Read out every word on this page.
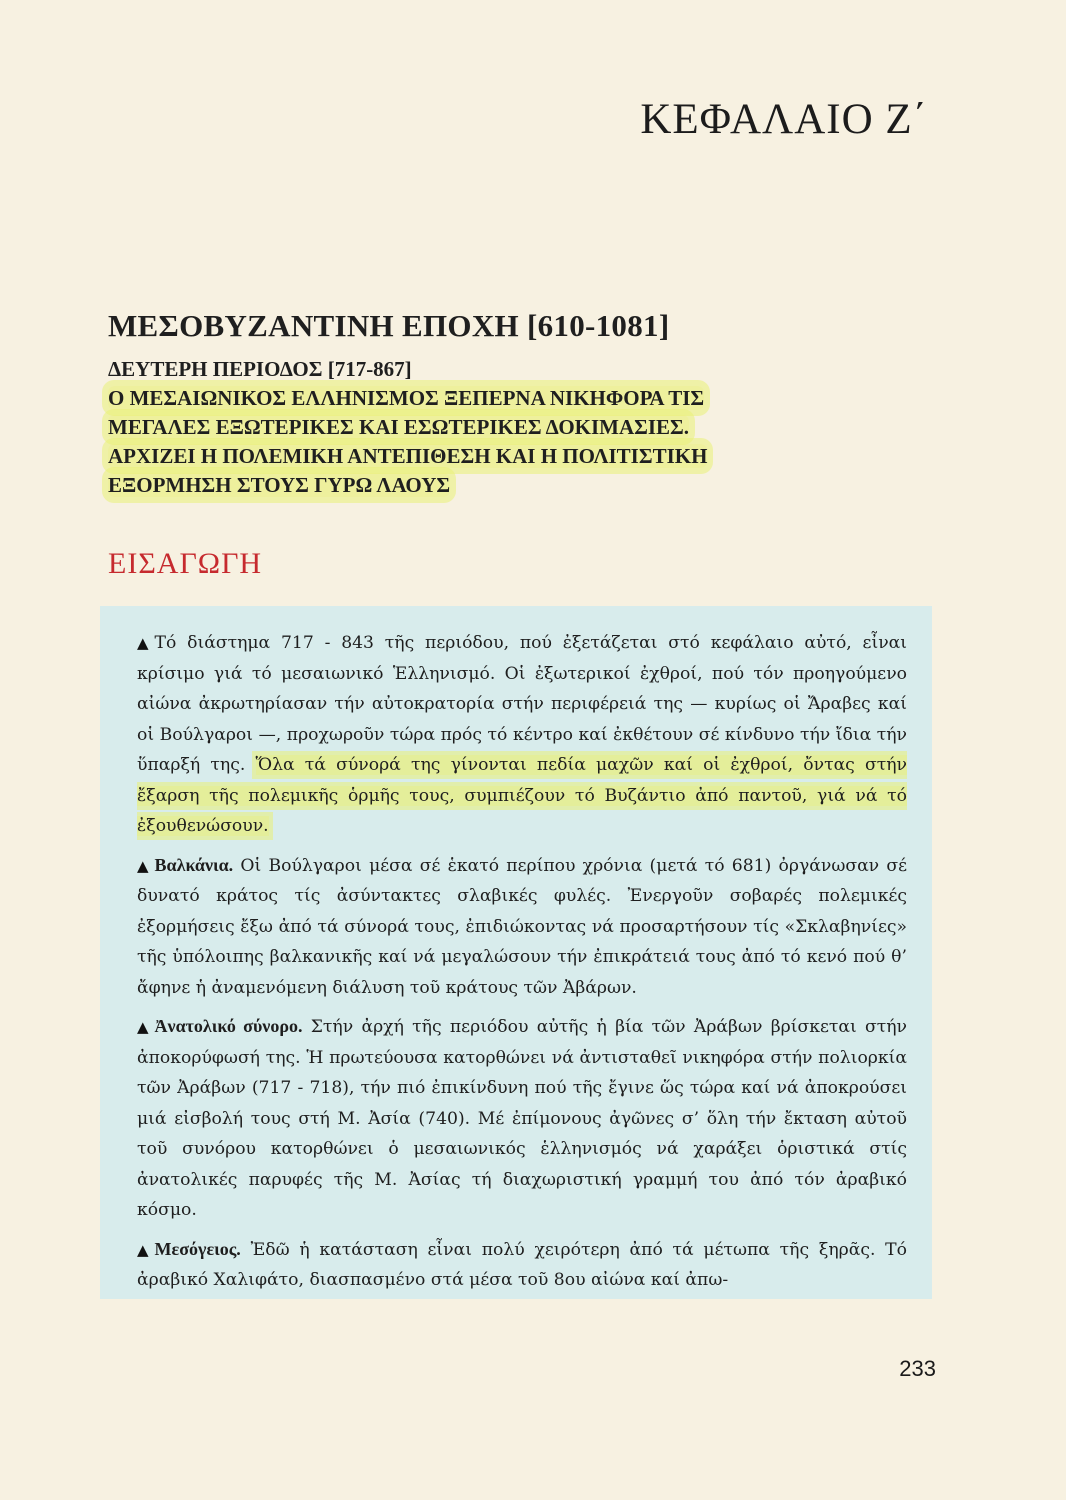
ΚΕΦΑΛΑΙΟ Ζ΄
ΜΕΣΟΒΥΖΑΝΤΙΝΗ ΕΠΟΧΗ [610-1081]
ΔΕΥΤΕΡΗ ΠΕΡΙΟΔΟΣ [717-867]
Ο ΜΕΣΑΙΩΝΙΚΟΣ ΕΛΛΗΝΙΣΜΟΣ ΞΕΠΕΡΝΑ ΝΙΚΗΦΟΡΑ ΤΙΣ
ΜΕΓΑΛΕΣ ΕΞΩΤΕΡΙΚΕΣ ΚΑΙ ΕΣΩΤΕΡΙΚΕΣ ΔΟΚΙΜΑΣΙΕΣ.
ΑΡΧΙΖΕΙ Η ΠΟΛΕΜΙΚΗ ΑΝΤΕΠΙΘΕΣΗ ΚΑΙ Η ΠΟΛΙΤΙΣΤΙΚΗ
ΕΞΟΡΜΗΣΗ ΣΤΟΥΣ ΓΥΡΩ ΛΑΟΥΣ
ΕΙΣΑΓΩΓΗ

▲ Τό διάστημα 717 - 843 τῆς περιόδου, πού ἐξετάζεται στό κεφάλαιο αὐτό, εἶναι κρίσιμο γιά τό μεσαιωνικό Ἑλληνισμό. Οἱ ἐξωτερικοί ἐχθροί, πού τόν προηγούμενο αἰώνα ἀκρωτηρίασαν τήν αὐτοκρατορία στήν περιφέρειά της — κυρίως οἱ Ἄραβες καί οἱ Βούλγαροι —, προχωροῦν τώρα πρός τό κέντρο καί ἐκθέτουν σέ κίνδυνο τήν ἴδια τήν ὕπαρξή της. Ὅλα τά σύνορά της γίνονται πεδία μαχῶν καί οἱ ἐχθροί, ὄντας στήν ἔξαρση τῆς πολεμικῆς ὁρμῆς τους, συμπιέζουν τό Βυζάντιο ἀπό παντοῦ, γιά νά τό ἐξουθενώσουν.

▲ Βαλκάνια. Οἱ Βούλγαροι μέσα σέ ἑκατό περίπου χρόνια (μετά τό 681) ὀργάνωσαν σέ δυνατό κράτος τίς ἀσύντακτες σλαβικές φυλές. Ἐνεργοῦν σοβαρές πολεμικές ἐξορμήσεις ἔξω ἀπό τά σύνορά τους, ἐπιδιώκοντας νά προσαρτήσουν τίς «Σκλαβηνίες» τῆς ὑπόλοιπης βαλκανικῆς καί νά μεγαλώσουν τήν ἐπικράτειά τους ἀπό τό κενό πού θ’ ἄφηνε ἡ ἀναμενόμενη διάλυση τοῦ κράτους τῶν Ἀβάρων.

▲ Ἀνατολικό σύνορο. Στήν ἀρχή τῆς περιόδου αὐτῆς ἡ βία τῶν Ἀράβων βρίσκεται στήν ἀποκορύφωσή της. Ἡ πρωτεύουσα κατορθώνει νά ἀντισταθεῖ νικηφόρα στήν πολιορκία τῶν Ἀράβων (717 - 718), τήν πιό ἐπικίνδυνη πού τῆς ἔγινε ὥς τώρα καί νά ἀποκρούσει μιά εἰσβολή τους στή Μ. Ἀσία (740). Μέ ἐπίμονους ἀγῶνες σ’ ὅλη τήν ἔκταση αὐτοῦ τοῦ συνόρου κατορθώνει ὁ μεσαιωνικός ἑλληνισμός νά χαράξει ὁριστικά στίς ἀνατολικές παρυφές τῆς Μ. Ἀσίας τή διαχωριστική γραμμή του ἀπό τόν ἀραβικό κόσμο.

▲ Μεσόγειος. Ἐδῶ ἡ κατάσταση εἶναι πολύ χειρότερη ἀπό τά μέτωπα τῆς ξηρᾶς. Τό ἀραβικό Χαλιφάτο, διασπασμένο στά μέσα τοῦ 8ου αἰώνα καί ἀπω-

233
